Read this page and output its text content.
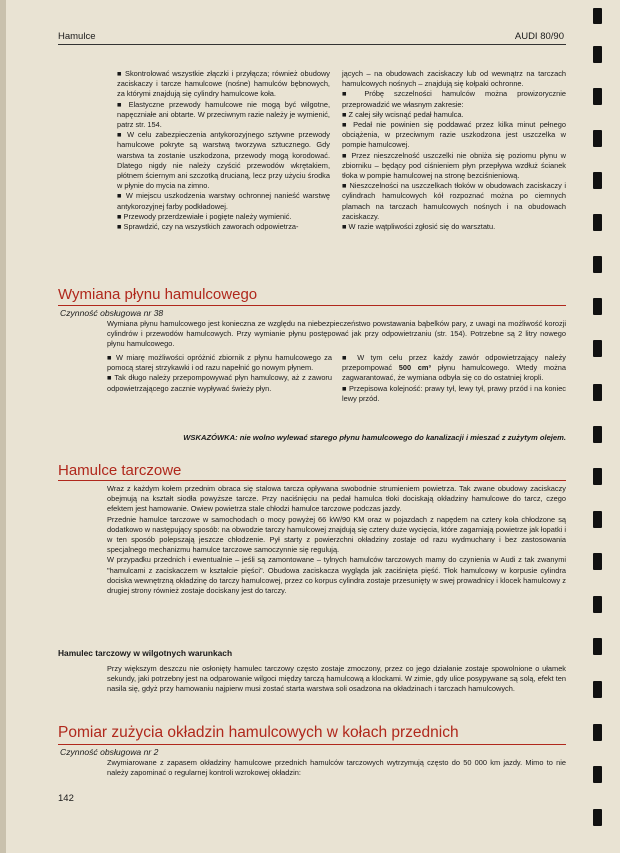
Hamulce	AUDI 80/90

■ Skontrolować wszystkie złączki i przyłącza; również obudowy zaciskaczy i tarcze hamulcowe (nośne) hamulców bębnowych, za którymi znajdują się cylindry hamulcowe koła.

■ Elastyczne przewody hamulcowe nie mogą być wilgotne, napęczniałe ani obtarte. W przeciwnym razie należy je wymienić, patrz str. 154.

■ W celu zabezpieczenia antykorozyjnego sztywne przewody hamulcowe pokryte są warstwą tworzywa sztucznego. Gdy warstwa ta zostanie uszkodzona, przewody mogą korodować. Dlatego nigdy nie należy czyścić przewodów wkrętakiem, płótnem ściernym ani szczotką drucianą, lecz przy użyciu środka w płynie do mycia na zimno.

■ W miejscu uszkodzenia warstwy ochronnej nanieść warstwę antykorozyjnej farby podkładowej.

■ Przewody przerdzewiałe i pogięte należy wymienić.

■ Sprawdzić, czy na wszystkich zaworach odpowietrza-

jących – na obudowach zaciskaczy lub od wewnątrz na tarczach hamulcowych nośnych – znajdują się kołpaki ochronne.

■ Próbę szczelności hamulców można prowizorycznie przeprowadzić we własnym zakresie:

■ Z całej siły wcisnąć pedał hamulca.

■ Pedał nie powinien się poddawać przez kilka minut pełnego obciążenia, w przeciwnym razie uszkodzona jest uszczelka w pompie hamulcowej.

■ Przez nieszczelność uszczelki nie obniża się poziomu płynu w zbiorniku – będący pod ciśnieniem płyn przepływa wzdłuż ścianek tłoka w pompie hamulcowej na stronę bezciśnieniową.

■ Nieszczelności na uszczelkach tłoków w obudowach zaciskaczy i cylindrach hamulcowych kół rozpoznać można po ciemnych plamach na tarczach hamulcowych nośnych i na obudowach zaciskaczy.

■ W razie wątpliwości zgłosić się do warsztatu.

Wymiana płynu hamulcowego
Czynność obsługowa nr 38

Wymiana płynu hamulcowego jest konieczna ze względu na niebezpieczeństwo powstawania bąbelków pary, z uwagi na możliwość korozji cylindrów i przewodów hamulcowych. Przy wymianie płynu postępować jak przy odpowietrzaniu (str. 154). Potrzebne są 2 litry nowego płynu hamulcowego.

■ W miarę możliwości opróżnić zbiornik z płynu hamulcowego za pomocą starej strzykawki i od razu napełnić go nowym płynem.

■ Tak długo należy przepompowywać płyn hamulcowy, aż z zaworu odpowietrzającego zacznie wypływać świeży płyn.

■ W tym celu przez każdy zawór odpowietrzający należy przepompować 500 cm³ płynu hamulcowego. Wtedy można zagwarantować, że wymiana odbyła się co do ostatniej kropli.

■ Przepisowa kolejność: prawy tył, lewy tył, prawy przód i na koniec lewy przód.

WSKAZÓWKA: nie wolno wylewać starego płynu hamulcowego do kanalizacji i mieszać z zużytym olejem.
Hamulce tarczowe

Wraz z każdym kołem przednim obraca się stalowa tarcza opływana swobodnie strumieniem powietrza. Tak zwane obudowy zaciskaczy obejmują na kształt siodła powyższe tarcze. Przy naciśnięciu na pedał hamulca tłoki dociskają okładziny hamulcowe do tarcz, czego efektem jest hamowanie. Owiew powietrza stale chłodzi hamulce tarczowe podczas jazdy.

Przednie hamulce tarczowe w samochodach o mocy powyżej 66 kW/90 KM oraz w pojazdach z napędem na cztery koła chłodzone są dodatkowo w następujący sposób: na obwodzie tarczy hamulcowej znajdują się cztery duże wycięcia, które zagarniają powietrze jak łopatki i w ten sposób polepszają jeszcze chłodzenie. Pył starty z powierzchni okładziny zostaje od razu wydmuchany i bez zastosowania specjalnego mechanizmu hamulce tarczowe samoczynnie się regulują.

W przypadku przednich i ewentualnie – jeśli są zamontowane – tylnych hamulców tarczowych mamy do czynienia w Audi z tak zwanymi "hamulcami z zaciskaczem w kształcie pięści". Obudowa zaciskacza wygląda jak zaciśnięta pięść. Tłok hamulcowy w korpusie cylindra dociska wewnętrzną okładzinę do tarczy hamulcowej, przez co korpus cylindra zostaje przesunięty w swej prowadnicy i klocek hamulcowy z drugiej strony również zostaje dociskany jest do tarczy.

Hamulec tarczowy w wilgotnych warunkach

Przy większym deszczu nie osłonięty hamulec tarczowy często zostaje zmoczony, przez co jego działanie zostaje spowolnione o ułamek sekundy, jaki potrzebny jest na odparowanie wilgoci między tarczą hamulcową a klockami. W zimie, gdy ulice posypywane są solą, efekt ten nasila się, gdyż przy hamowaniu najpierw musi zostać starta warstwa soli osadzona na okładzinach i tarczach hamulcowych.

Pomiar zużycia okładzin hamulcowych w kołach przednich
Czynność obsługowa nr 2

Zwymiarowane z zapasem okładziny hamulcowe przednich hamulców tarczowych wytrzymują często do 50 000 km jazdy. Mimo to nie należy zapominać o regularnej kontroli wzrokowej okładzin:

142
